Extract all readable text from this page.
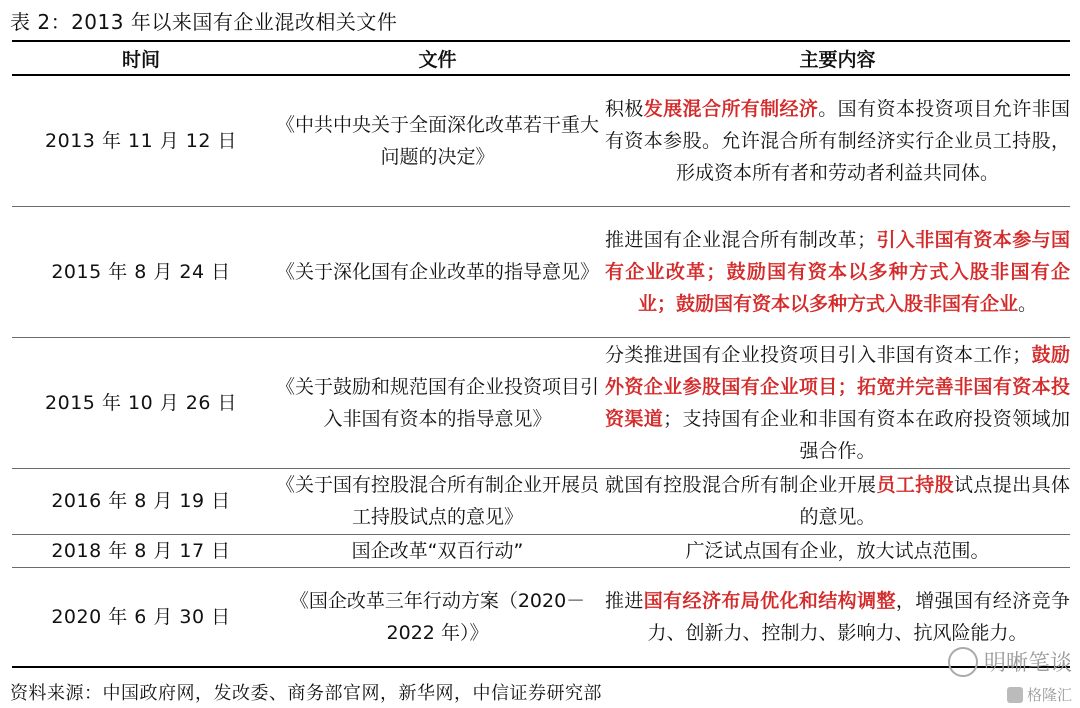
表 2：2013 年以来国有企业混改相关文件
时间	文件	主要内容
2013 年 11 月 12 日	《中共中央关于全面深化改革若干重大问题的决定》	积极发展混合所有制经济。国有资本投资项目允许非国有资本参股。允许混合所有制经济实行企业员工持股，形成资本所有者和劳动者利益共同体。
2015 年 8 月 24 日	《关于深化国有企业改革的指导意见》	推进国有企业混合所有制改革；引入非国有资本参与国有企业改革；鼓励国有资本以多种方式入股非国有企业；鼓励国有资本以多种方式入股非国有企业。
2015 年 10 月 26 日	《关于鼓励和规范国有企业投资项目引入非国有资本的指导意见》	分类推进国有企业投资项目引入非国有资本工作；鼓励外资企业参股国有企业项目；拓宽并完善非国有资本投资渠道；支持国有企业和非国有资本在政府投资领域加强合作。
2016 年 8 月 19 日	《关于国有控股混合所有制企业开展员工持股试点的意见》	就国有控股混合所有制企业开展员工持股试点提出具体的意见。
2018 年 8 月 17 日	国企改革“双百行动”	广泛试点国有企业，放大试点范围。
2020 年 6 月 30 日	《国企改革三年行动方案（2020－2022 年）》	推进国有经济布局优化和结构调整，增强国有经济竞争力、创新力、控制力、影响力、抗风险能力。
资料来源：中国政府网，发改委、商务部官网，新华网，中信证券研究部
明晰笔谈
格隆汇
